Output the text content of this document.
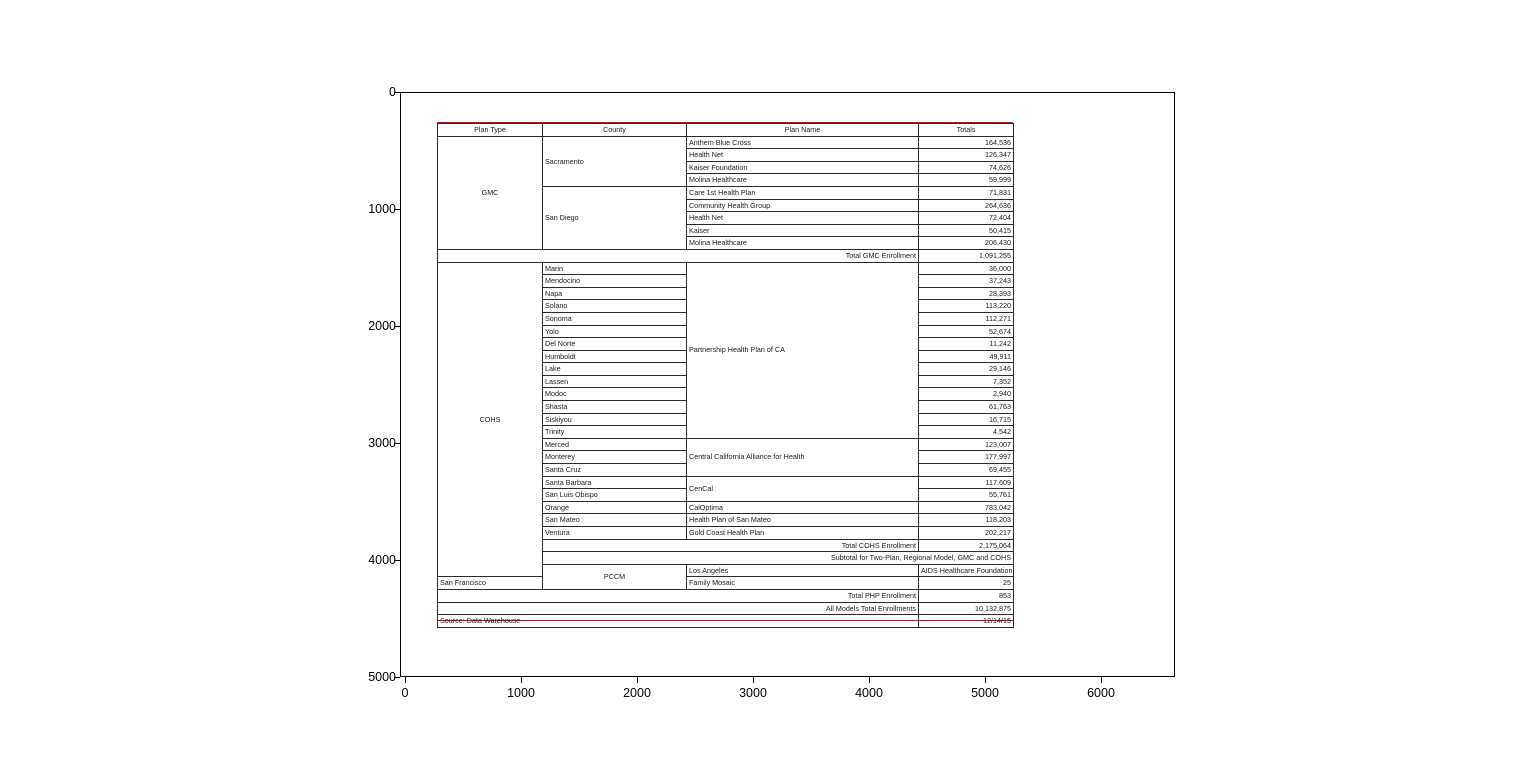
0
1000
2000
3000
4000
5000
0	1000	2000	3000	4000	5000	6000
Plan Type	County	Plan Name	Totals	
GMC	Sacramento	Anthem Blue Cross	164,536	
		Health Net	126,347	
		Kaiser Foundation	74,626	
		Molina Healthcare	59,999	
	San Diego	Care 1st Health Plan	71,831	
		Community Health Group	264,636	
		Health Net	72,404	
		Kaiser	50,415	
		Molina Healthcare	206,430	
Total GMC Enrollment			1,091,255	
COHS	Marin	Partnership Health Plan of CA	36,000	
	Mendocino		37,243	
	Napa		28,393	
	Solano		113,220	
	Sonoma		112,271	
	Yolo		52,674	
	Del Norte		11,242	
	Humboldt		49,911	
	Lake		29,146	
	Lassen		7,352	
	Modoc		2,940	
	Shasta		61,763	
	Siskiyou		16,715	
	Trinity		4,542	
	Merced	Central California Alliance for Health	123,007	
	Monterey		177,997	
	Santa Cruz		69,455	
	Santa Barbara	CenCal	117,609	
	San Luis Obispo		55,761	
	Orange	CalOptima	783,042	
	San Mateo	Health Plan of San Mateo	118,203	
	Ventura	Gold Coast Health Plan	202,217	
	Total COHS Enrollment		2,175,064	
	Subtotal for Two-Plan, Regional Model, GMC and COHS	
	PCCM	Los Angeles	AIDS Healthcare Foundation	
San Francisco		Family Mosaic	25	
Total PHP Enrollment			853	
All Models Total Enrollments			10,132,875	
Source: Data Warehouse			12/14/15	
